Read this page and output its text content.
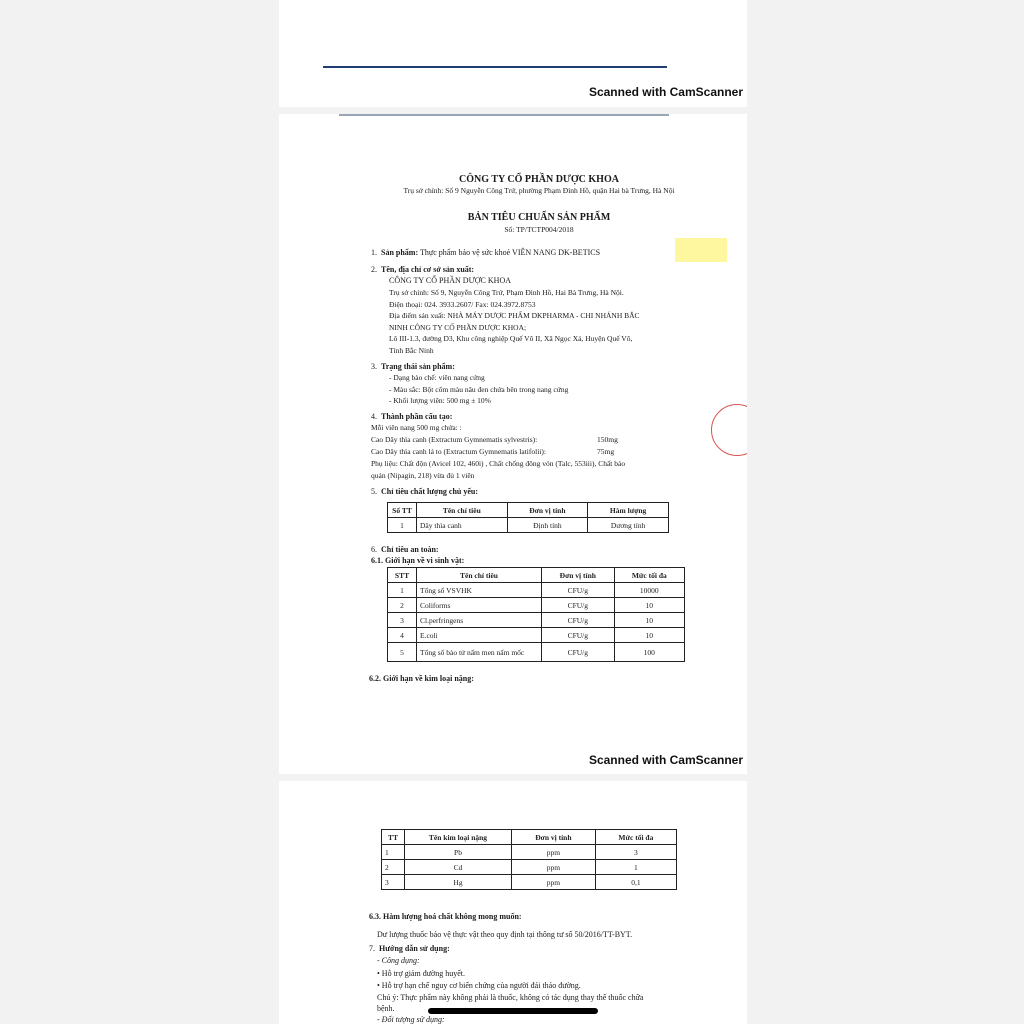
Scanned with CamScanner
CÔNG TY CỔ PHẦN DƯỢC KHOA
Trụ sở chính: Số 9 Nguyễn Công Trứ, phường Phạm Đình Hồ, quận Hai bà Trưng, Hà Nội
BẢN TIÊU CHUẨN SẢN PHẨM
Số: TP/TCTP004/2018
1. Sản phẩm: Thực phẩm bảo vệ sức khoẻ VIÊN NANG DK-BETICS
2. Tên, địa chỉ cơ sở sản xuất:
CÔNG TY CỔ PHẦN DƯỢC KHOA
Trụ sở chính: Số 9, Nguyễn Công Trứ, Phạm Đình Hồ, Hai Bà Trưng, Hà Nội.
Điện thoại: 024. 3933.2607/ Fax: 024.3972.8753
Địa điểm sản xuất: NHÀ MÁY DƯỢC PHẨM DKPHARMA - CHI NHÁNH BẮC
NINH CÔNG TY CỔ PHẦN DƯỢC KHOA;
Lô III-1.3, đường D3, Khu công nghiệp Quế Võ II, Xã Ngọc Xá, Huyện Quế Võ,
Tỉnh Bắc Ninh
3. Trạng thái sản phẩm:
- Dạng bào chế: viên nang cứng
- Màu sắc: Bột cốm màu nâu đen chứa bên trong nang cứng
- Khối lượng viên: 500 mg ± 10%
4. Thành phần cấu tạo:
Mỗi viên nang 500 mg chứa: :
Cao Dây thìa canh (Extractum Gymnematis sylvestris):	150mg
Cao Dây thìa canh lá to (Extractum Gymnematis latifolii):	75mg
Phụ liệu: Chất độn (Avicel 102, 460i) , Chất chống đông vón (Talc, 553iii), Chất bảo
quản (Nipagin, 218) vừa đủ 1 viên
5. Chỉ tiêu chất lượng chủ yếu:
Số TT	Tên chỉ tiêu	Đơn vị tính	Hàm lượng
1	Dây thìa canh	Định tính	Dương tính
6. Chỉ tiêu an toàn:
6.1. Giới hạn về vi sinh vật:
STT	Tên chỉ tiêu	Đơn vị tính	Mức tối đa
1	Tổng số VSVHK	CFU/g	10000
2	Coliforms	CFU/g	10
3	Cl.perfringens	CFU/g	10
4	E.coli	CFU/g	10
5	Tổng số bào tử nấm men nấm mốc	CFU/g	100
6.2. Giới hạn về kim loại nặng:
Scanned with CamScanner
TT	Tên kim loại nặng	Đơn vị tính	Mức tối đa
1	Pb	ppm	3
2	Cd	ppm	1
3	Hg	ppm	0,1
6.3. Hàm lượng hoá chất không mong muốn:
Dư lượng thuốc bảo vệ thực vật theo quy định tại thông tư số 50/2016/TT-BYT.
7. Hướng dẫn sử dụng:
- Công dụng:
• Hỗ trợ giảm đường huyết.
• Hỗ trợ hạn chế nguy cơ biến chứng của người đái tháo đường.
Chú ý: Thực phẩm này không phải là thuốc, không có tác dụng thay thế thuốc chữa
bệnh.
- Đối tượng sử dụng:
